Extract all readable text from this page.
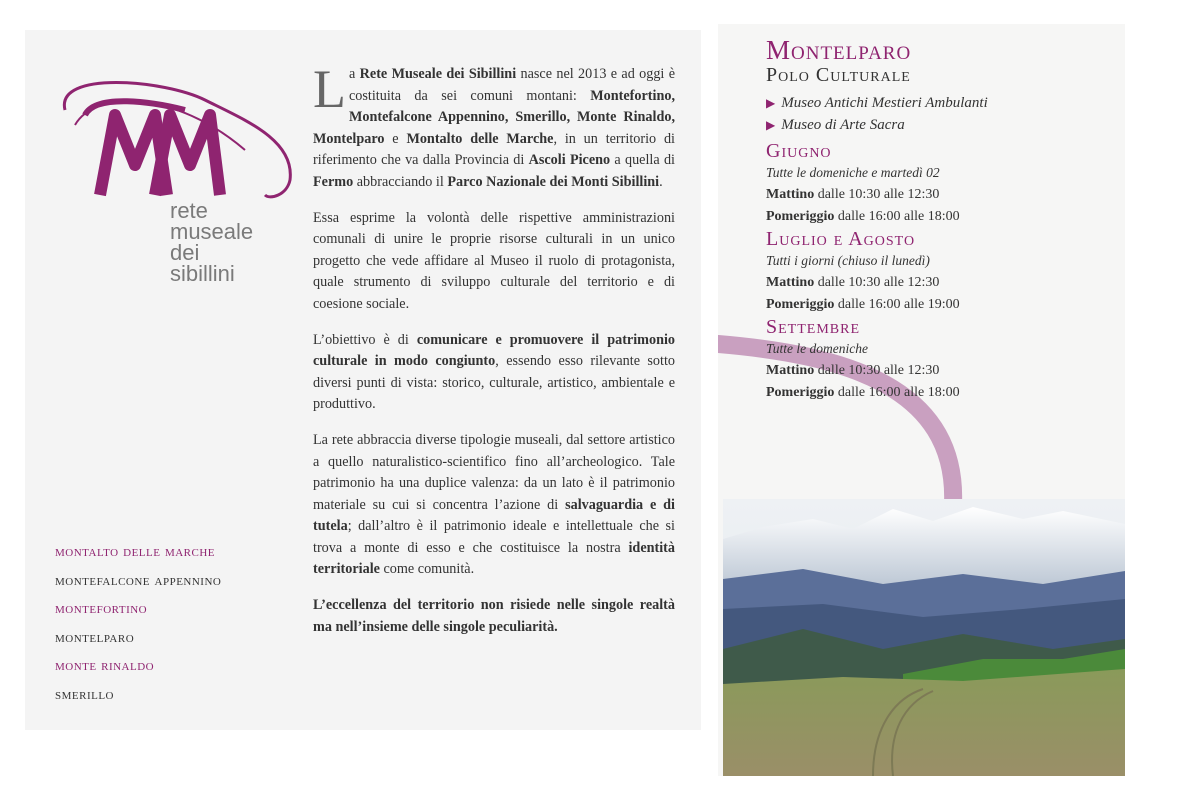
rete
museale
dei
sibillini
montalto delle marche
montefalcone appennino
montefortino
montelparo
monte rinaldo
smerillo

La Rete Museale dei Sibillini nasce nel 2013 e ad oggi è costituita da sei comuni montani: Montefortino, Montefalcone Appennino, Smerillo, Monte Rinaldo, Montelparo e Montalto delle Marche, in un territorio di riferimento che va dalla Provincia di Ascoli Piceno a quella di Fermo abbracciando il Parco Nazionale dei Monti Sibillini.

Essa esprime la volontà delle rispettive amministrazioni comunali di unire le proprie risorse culturali in un unico progetto che vede affidare al Museo il ruolo di protagonista, quale strumento di sviluppo culturale del territorio e di coesione sociale.

L’obiettivo è di comunicare e promuovere il patrimonio culturale in modo congiunto, essendo esso rilevante sotto diversi punti di vista: storico, culturale, artistico, ambientale e produttivo.

La rete abbraccia diverse tipologie museali, dal settore artistico a quello naturalistico-scientifico fino all’archeologico. Tale patrimonio ha una duplice valenza: da un lato è il patrimonio materiale su cui si concentra l’azione di salvaguardia e di tutela; dall’altro è il patrimonio ideale e intellettuale che si trova a monte di esso e che costituisce la nostra identità territoriale come comunità.

L’eccellenza del territorio non risiede nelle singole realtà ma nell’insieme delle singole peculiarità.

Montelparo
Polo Culturale
▶ Museo Antichi Mestieri Ambulanti
▶ Museo di Arte Sacra
Giugno
Tutte le domeniche e martedì 02
Mattino dalle 10:30 alle 12:30
Pomeriggio dalle 16:00 alle 18:00
Luglio e Agosto
Tutti i giorni (chiuso il lunedì)
Mattino dalle 10:30 alle 12:30
Pomeriggio dalle 16:00 alle 19:00
Settembre
Tutte le domeniche
Mattino dalle 10:30 alle 12:30
Pomeriggio dalle 16:00 alle 18:00
